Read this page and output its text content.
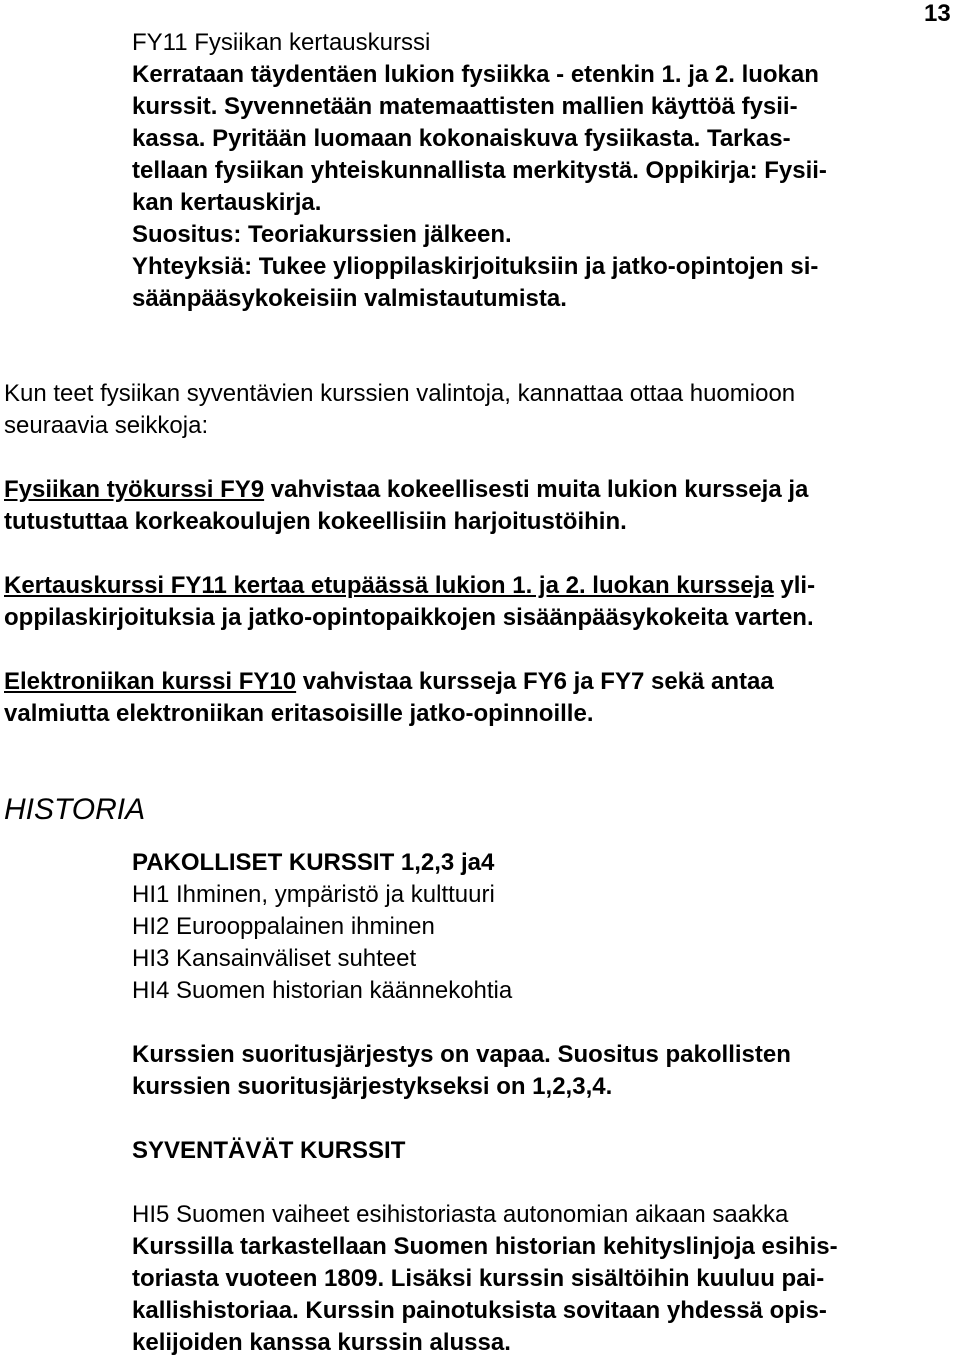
13
FY11 Fysiikan kertauskurssi
Kerrataan täydentäen lukion fysiikka - etenkin 1. ja 2. luokan
kurssit. Syvennetään matemaattisten mallien käyttöä fysii-
kassa. Pyritään luomaan kokonaiskuva fysiikasta. Tarkas-
tellaan fysiikan yhteiskunnallista merkitystä. Oppikirja: Fysii-
kan kertauskirja.
Suositus: Teoriakurssien jälkeen.
Yhteyksiä: Tukee ylioppilaskirjoituksiin ja jatko-opintojen si-
säänpääsykokeisiin valmistautumista.
Kun teet fysiikan syventävien kurssien valintoja, kannattaa ottaa huomioon
seuraavia seikkoja:
Fysiikan työkurssi FY9 vahvistaa kokeellisesti muita lukion kursseja ja
tutustuttaa korkeakoulujen kokeellisiin harjoitustöihin.
Kertauskurssi FY11 kertaa etupäässä lukion 1. ja 2. luokan kursseja yli-
oppilaskirjoituksia ja jatko-opintopaikkojen sisäänpääsykokeita varten.
Elektroniikan kurssi FY10 vahvistaa kursseja FY6 ja FY7 sekä antaa
valmiutta elektroniikan eritasoisille jatko-opinnoille.
HISTORIA
PAKOLLISET KURSSIT 1,2,3 ja4
HI1 Ihminen, ympäristö ja kulttuuri
HI2 Eurooppalainen ihminen
HI3 Kansainväliset suhteet
HI4 Suomen historian käännekohtia
Kurssien suoritusjärjestys on vapaa. Suositus pakollisten
kurssien suoritusjärjestykseksi on 1,2,3,4.
SYVENTÄVÄT KURSSIT
HI5 Suomen vaiheet esihistoriasta autonomian aikaan saakka
Kurssilla tarkastellaan Suomen historian kehityslinjoja esihis-
toriasta vuoteen 1809. Lisäksi kurssin sisältöihin kuuluu pai-
kallishistoriaa. Kurssin painotuksista sovitaan yhdessä opis-
kelijoiden kanssa kurssin alussa.
